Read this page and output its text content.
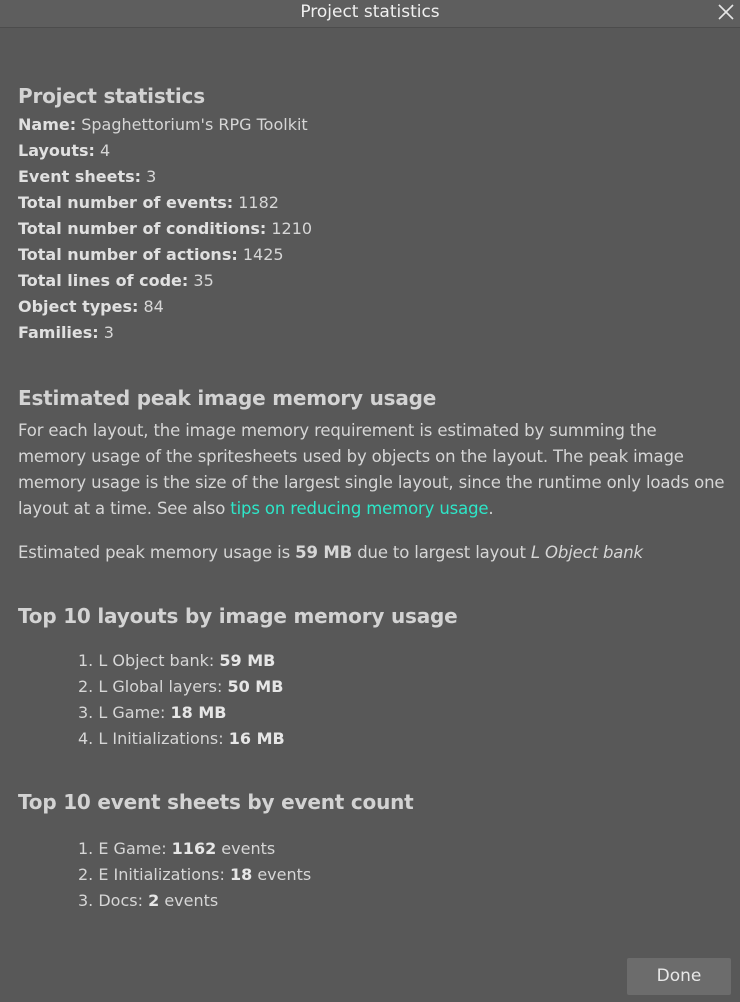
Project statistics
Project statistics
Name: Spaghettorium's RPG Toolkit
Layouts: 4
Event sheets: 3
Total number of events: 1182
Total number of conditions: 1210
Total number of actions: 1425
Total lines of code: 35
Object types: 84
Families: 3
Estimated peak image memory usage

For each layout, the image memory requirement is estimated by summing the memory usage of the spritesheets used by objects on the layout. The peak image memory usage is the size of the largest single layout, since the runtime only loads one layout at a time. See also tips on reducing memory usage.

Estimated peak memory usage is 59 MB due to largest layout L Object bank

Top 10 layouts by image memory usage
1. L Object bank: 59 MB
2. L Global layers: 50 MB
3. L Game: 18 MB
4. L Initializations: 16 MB
Top 10 event sheets by event count
1. E Game: 1162 events
2. E Initializations: 18 events
3. Docs: 2 events
Done
